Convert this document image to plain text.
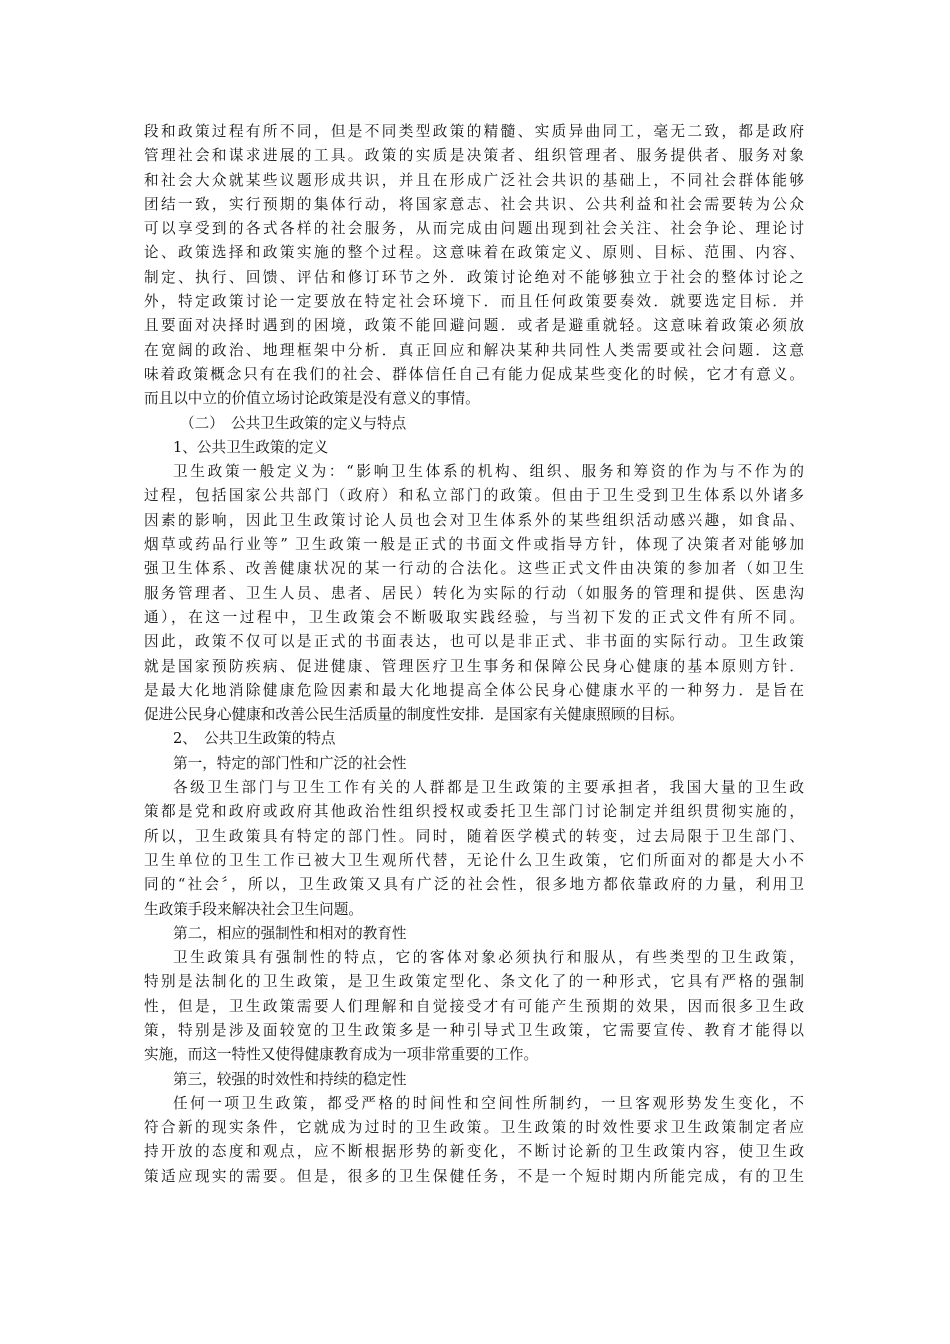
段和政策过程有所不同，但是不同类型政策的精髓、实质异曲同工，毫无二致，都是政府
管理社会和谋求进展的工具。政策的实质是决策者、组织管理者、服务提供者、服务对象
和社会大众就某些议题形成共识，并且在形成广泛社会共识的基础上，不同社会群体能够
团结一致，实行预期的集体行动，将国家意志、社会共识、公共利益和社会需要转为公众
可以享受到的各式各样的社会服务，从而完成由问题出现到社会关注、社会争论、理论讨
论、政策选择和政策实施的整个过程。这意味着在政策定义、原则、目标、范围、内容、
制定、执行、回馈、评估和修订环节之外．政策讨论绝对不能够独立于社会的整体讨论之
外，特定政策讨论一定要放在特定社会环境下．而且任何政策要奏效．就要选定目标．并
且要面对决择时遇到的困境，政策不能回避问题．或者是避重就轻。这意味着政策必须放
在宽阔的政治、地理框架中分析．真正回应和解决某种共同性人类需要或社会问题．这意
味着政策概念只有在我们的社会、群体信任自己有能力促成某些变化的时候，它才有意义。
而且以中立的价值立场讨论政策是没有意义的事情。
（二）　公共卫生政策的定义与特点
1、公共卫生政策的定义
卫生政策一般定义为：“影响卫生体系的机构、组织、服务和筹资的作为与不作为的
过程，包括国家公共部门（政府）和私立部门的政策。但由于卫生受到卫生体系以外诸多
因素的影响，因此卫生政策讨论人员也会对卫生体系外的某些组织活动感兴趣，如食品、
烟草或药品行业等” 卫生政策一般是正式的书面文件或指导方针，体现了决策者对能够加
强卫生体系、改善健康状况的某一行动的合法化。这些正式文件由决策的参加者（如卫生
服务管理者、卫生人员、患者、居民）转化为实际的行动（如服务的管理和提供、医患沟
通），在这一过程中，卫生政策会不断吸取实践经验，与当初下发的正式文件有所不同。
因此，政策不仅可以是正式的书面表达，也可以是非正式、非书面的实际行动。卫生政策
就是国家预防疾病、促进健康、管理医疗卫生事务和保障公民身心健康的基本原则方针．
是最大化地消除健康危险因素和最大化地提高全体公民身心健康水平的一种努力．是旨在
促进公民身心健康和改善公民生活质量的制度性安排．是国家有关健康照顾的目标。
2、　公共卫生政策的特点
第一，特定的部门性和广泛的社会性
各级卫生部门与卫生工作有关的人群都是卫生政策的主要承担者，我国大量的卫生政
策都是党和政府或政府其他政治性组织授权或委托卫生部门讨论制定并组织贯彻实施的，
所以，卫生政策具有特定的部门性。同时，随着医学模式的转变，过去局限于卫生部门、
卫生单位的卫生工作已被大卫生观所代替，无论什么卫生政策，它们所面对的都是大小不
同的“社会〞，所以，卫生政策又具有广泛的社会性，很多地方都依靠政府的力量，利用卫
生政策手段来解决社会卫生问题。
第二，相应的强制性和相对的教育性
卫生政策具有强制性的特点，它的客体对象必须执行和服从，有些类型的卫生政策，
特别是法制化的卫生政策，是卫生政策定型化、条文化了的一种形式，它具有严格的强制
性，但是，卫生政策需要人们理解和自觉接受才有可能产生预期的效果，因而很多卫生政
策，特别是涉及面较宽的卫生政策多是一种引导式卫生政策，它需要宣传、教育才能得以
实施，而这一特性又使得健康教育成为一项非常重要的工作。
第三，较强的时效性和持续的稳定性
任何一项卫生政策，都受严格的时间性和空间性所制约，一旦客观形势发生变化，不
符合新的现实条件，它就成为过时的卫生政策。卫生政策的时效性要求卫生政策制定者应
持开放的态度和观点，应不断根据形势的新变化，不断讨论新的卫生政策内容，使卫生政
策适应现实的需要。但是，很多的卫生保健任务，不是一个短时期内所能完成，有的卫生
